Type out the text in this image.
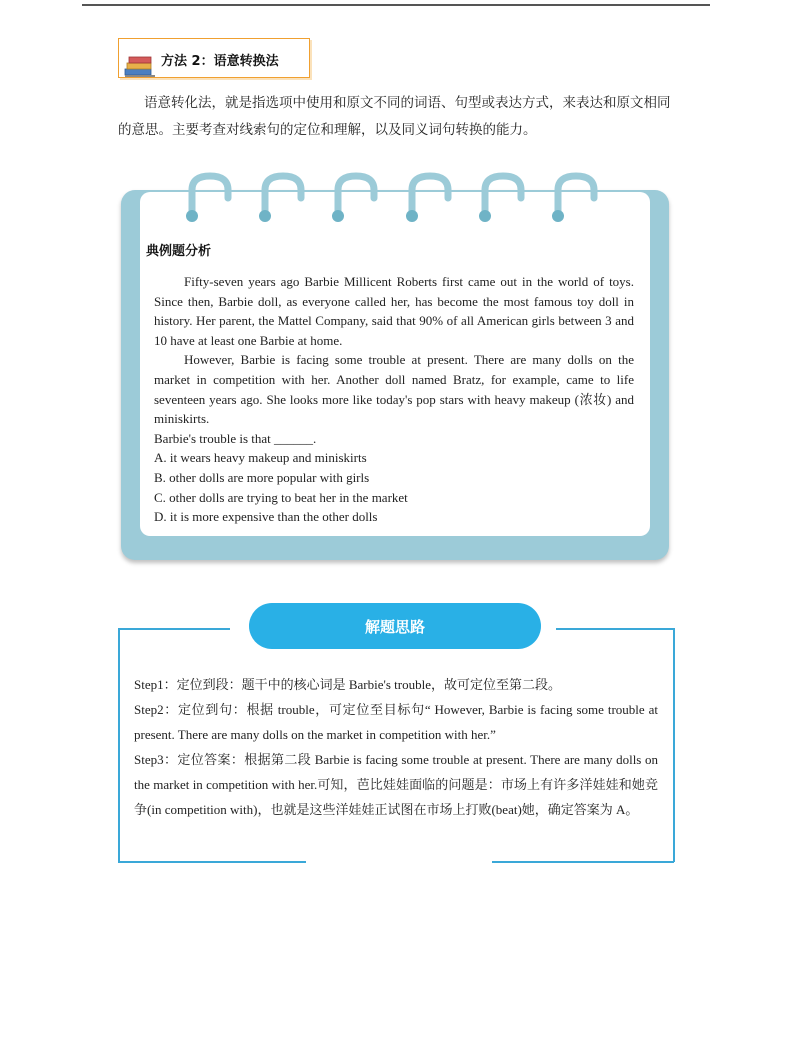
方法 2：语意转换法
语意转化法，就是指选项中使用和原文不同的词语、句型或表达方式，来表达和原文相同的意思。主要考查对线索句的定位和理解，以及同义词句转换的能力。
典例题分析

Fifty-seven years ago Barbie Millicent Roberts first came out in the world of toys. Since then, Barbie doll, as everyone called her, has become the most famous toy doll in history. Her parent, the Mattel Company, said that 90% of all American girls between 3 and 10 have at least one Barbie at home.

However, Barbie is facing some trouble at present. There are many dolls on the market in competition with her. Another doll named Bratz, for example, came to life seventeen years ago. She looks more like today's pop stars with heavy makeup (浓妆) and miniskirts.

Barbie's trouble is that ______.

A. it wears heavy makeup and miniskirts

B. other dolls are more popular with girls

C. other dolls are trying to beat her in the market

D. it is more expensive than the other dolls

解题思路

Step1：定位到段：题干中的核心词是 Barbie's trouble，故可定位至第二段。

Step2：定位到句：根据 trouble，可定位至目标句“ However, Barbie is facing some trouble at present. There are many dolls on the market in competition with her.”

Step3：定位答案：根据第二段 Barbie is facing some trouble at present. There are many dolls on the market in competition with her.可知，芭比娃娃面临的问题是：市场上有许多洋娃娃和她竞争(in competition with)，也就是这些洋娃娃正试图在市场上打败(beat)她，确定答案为 A。
